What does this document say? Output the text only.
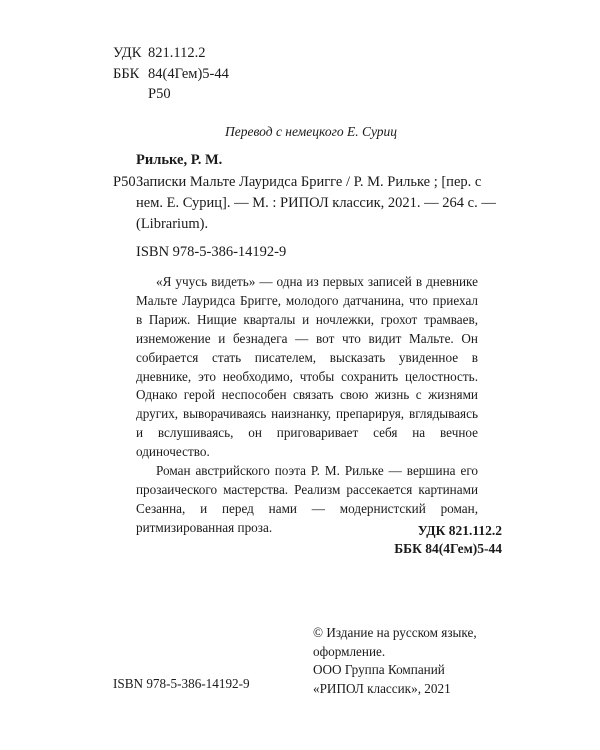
УДК 821.112.2
ББК 84(4Гем)5-44
Р50
Перевод с немецкого Е. Суриц
Рильке, Р. М.
Р50 Записки Мальте Лауридса Бригге / Р. М. Рильке ; [пер. с нем. Е. Суриц]. — М. : РИПОЛ классик, 2021. — 264 с. — (Librarium).
ISBN 978-5-386-14192-9

«Я учусь видеть» — одна из первых записей в дневнике Мальте Лауридса Бригге, молодого датчанина, что приехал в Париж. Нищие кварталы и ночлежки, грохот трамваев, изнеможение и безнадега — вот что видит Мальте. Он собирается стать писателем, высказать увиденное в дневнике, это необходимо, чтобы сохранить целостность. Однако герой неспособен связать свою жизнь с жизнями других, выворачиваясь наизнанку, препарируя, вглядываясь и вслушиваясь, он приговаривает себя на вечное одиночество.

Роман австрийского поэта Р. М. Рильке — вершина его прозаического мастерства. Реализм рассекается картинами Сезанна, и перед нами — модернистский роман, ритмизированная проза.	УДК 821.112.2
ББК 84(4Гем)5-44
© Издание на русском языке, оформление.
ООО Группа Компаний «РИПОЛ классик», 2021
ISBN 978-5-386-14192-9
